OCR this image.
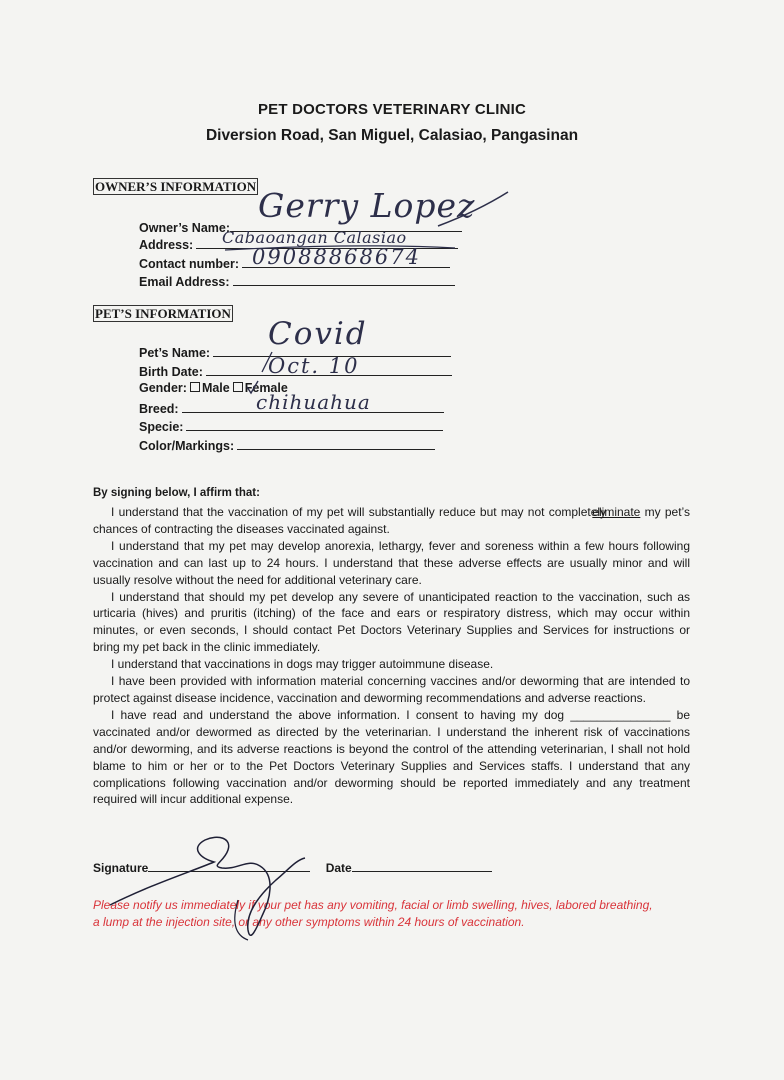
PET DOCTORS VETERINARY CLINIC
Diversion Road, San Miguel, Calasiao, Pangasinan
OWNER’S INFORMATION
Owner’s Name:
Gerry Lopez
Address:	Cabaoangan Calasiao
Contact number: 09088868674
Email Address:
PET’S INFORMATION
Pet’s Name:
Covid
Birth Date:	Oct. 10
Gender: Male Female
Breed:	chihuahua
Specie:
Color/Markings:
By signing below, I affirm that:

I understand that the vaccination of my pet will substantially reduce but may not completely eliminate my pet’s chances of contracting the diseases vaccinated against.

I understand that my pet may develop anorexia, lethargy, fever and soreness within a few hours following vaccination and can last up to 24 hours. I understand that these adverse effects are usually minor and will usually resolve without the need for additional veterinary care.

I understand that should my pet develop any severe of unanticipated reaction to the vaccination, such as urticaria (hives) and pruritis (itching) of the face and ears or respiratory distress, which may occur within minutes, or even seconds, I should contact Pet Doctors Veterinary Supplies and Services for instructions or bring my pet back in the clinic immediately.

I understand that vaccinations in dogs may trigger autoimmune disease.

I have been provided with information material concerning vaccines and/or deworming that are intended to protect against disease incidence, vaccination and deworming recommendations and adverse reactions.

I have read and understand the above information. I consent to having my dog _______________ be vaccinated and/or dewormed as directed by the veterinarian. I understand the inherent risk of vaccinations and/or deworming, and its adverse reactions is beyond the control of the attending veterinarian, I shall not hold blame to him or her or to the Pet Doctors Veterinary Supplies and Services staffs. I understand that any complications following vaccination and/or deworming should be reported immediately and any treatment required will incur additional expense.

Signature	Date
Please notify us immediately if your pet has any vomiting, facial or limb swelling, hives, labored breathing, a lump at the injection site, or any other symptoms within 24 hours of vaccination.
